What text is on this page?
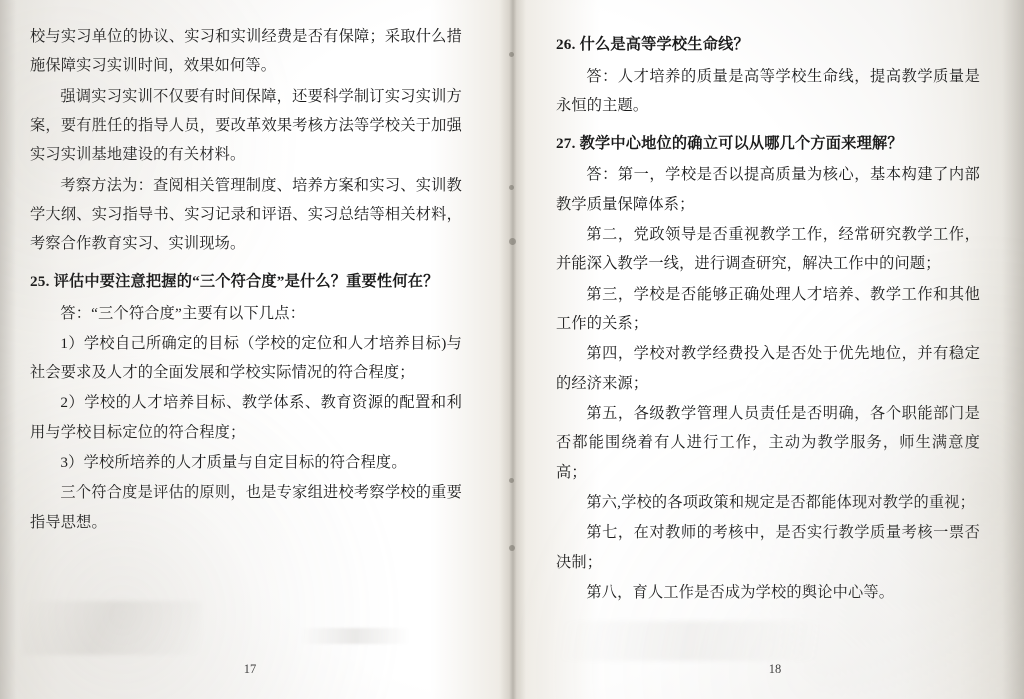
校与实习单位的协议、实习和实训经费是否有保障；采取什么措施保障实习实训时间，效果如何等。

强调实习实训不仅要有时间保障，还要科学制订实习实训方案，要有胜任的指导人员，要改革效果考核方法等学校关于加强实习实训基地建设的有关材料。

考察方法为：查阅相关管理制度、培养方案和实习、实训教学大纲、实习指导书、实习记录和评语、实习总结等相关材料，考察合作教育实习、实训现场。

25. 评估中要注意把握的“三个符合度”是什么？重要性何在？

答：“三个符合度”主要有以下几点：

1）学校自己所确定的目标（学校的定位和人才培养目标)与社会要求及人才的全面发展和学校实际情况的符合程度；

2）学校的人才培养目标、教学体系、教育资源的配置和利用与学校目标定位的符合程度；

3）学校所培养的人才质量与自定目标的符合程度。

三个符合度是评估的原则，也是专家组进校考察学校的重要指导思想。

26. 什么是高等学校生命线？

答：人才培养的质量是高等学校生命线，提高教学质量是永恒的主题。

27. 教学中心地位的确立可以从哪几个方面来理解？

答：第一，学校是否以提高质量为核心，基本构建了内部教学质量保障体系；

第二，党政领导是否重视教学工作，经常研究教学工作，并能深入教学一线，进行调查研究，解决工作中的问题；

第三，学校是否能够正确处理人才培养、教学工作和其他工作的关系；

第四，学校对教学经费投入是否处于优先地位，并有稳定的经济来源；

第五，各级教学管理人员责任是否明确，各个职能部门是否都能围绕着有人进行工作，主动为教学服务，师生满意度高；

第六,学校的各项政策和规定是否都能体现对教学的重视；

第七，在对教师的考核中，是否实行教学质量考核一票否决制；

第八，育人工作是否成为学校的舆论中心等。

17	18
